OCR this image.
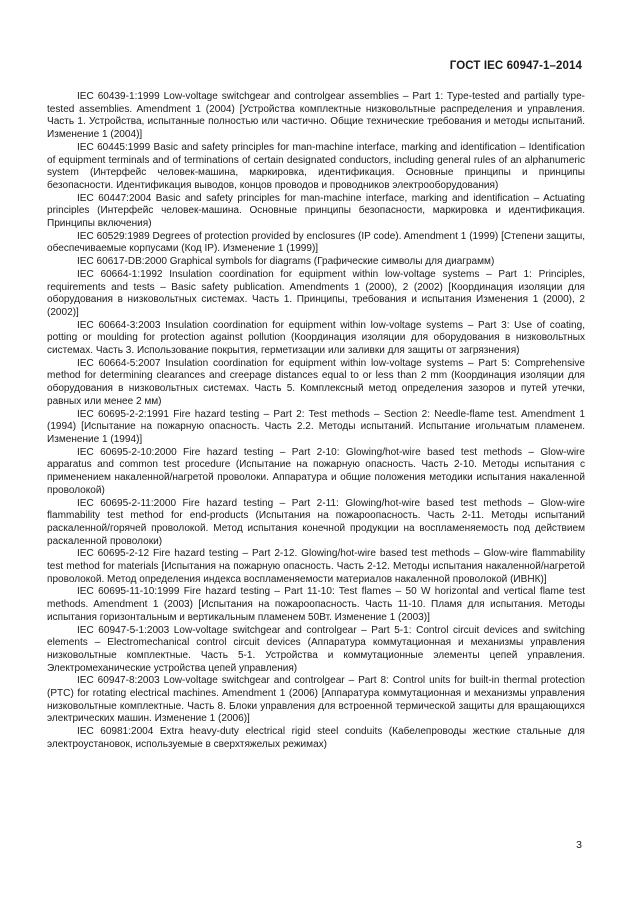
ГОСТ IEC 60947-1–2014

IEC 60439-1:1999 Low-voltage switchgear and controlgear assemblies – Part 1: Type-tested and partially type-tested assemblies. Amendment 1 (2004) [Устройства комплектные низковольтные распределения и управления. Часть 1. Устройства, испытанные полностью или частично. Общие технические требования и методы испытаний. Изменение 1 (2004)]

IEC 60445:1999 Basic and safety principles for man-machine interface, marking and identification – Identification of equipment terminals and of terminations of certain designated conductors, including general rules of an alphanumeric system (Интерфейс человек-машина, маркировка, идентификация. Основные принципы и принципы безопасности. Идентификация выводов, концов проводов и проводников электрооборудования)

IEC 60447:2004 Basic and safety principles for man-machine interface, marking and identification – Actuating principles (Интерфейс человек-машина. Основные принципы безопасности, маркировка и идентификация. Принципы включения)

IEC 60529:1989 Degrees of protection provided by enclosures (IP code). Amendment 1 (1999) [Степени защиты, обеспечиваемые корпусами (Код IP). Изменение 1 (1999)]

IEC 60617-DB:2000 Graphical symbols for diagrams (Графические символы для диаграмм)

IEC 60664-1:1992 Insulation coordination for equipment within low-voltage systems – Part 1: Principles, requirements and tests – Basic safety publication. Amendments 1 (2000), 2 (2002) [Координация изоляции для оборудования в низковольтных системах. Часть 1. Принципы, требования и испытания Изменения 1 (2000), 2 (2002)]

IEC 60664-3:2003 Insulation coordination for equipment within low-voltage systems – Part 3: Use of coating, potting or moulding for protection against pollution (Координация изоляции для оборудования в низковольтных системах. Часть 3. Использование покрытия, герметизации или заливки для защиты от загрязнения)

IEC 60664-5:2007 Insulation coordination for equipment within low-voltage systems – Part 5: Comprehensive method for determining clearances and creepage distances equal to or less than 2 mm (Координация изоляции для оборудования в низковольтных системах. Часть 5. Комплексный метод определения зазоров и путей утечки, равных или менее 2 мм)

IEC 60695-2-2:1991 Fire hazard testing – Part 2: Test methods – Section 2: Needle-flame test. Amendment 1 (1994) [Испытание на пожарную опасность. Часть 2.2. Методы испытаний. Испытание игольчатым пламенем. Изменение 1 (1994)]

IEC 60695-2-10:2000 Fire hazard testing – Part 2-10: Glowing/hot-wire based test methods – Glow-wire apparatus and common test procedure (Испытание на пожарную опасность. Часть 2-10. Методы испытания с применением накаленной/нагретой проволоки. Аппаратура и общие положения методики испытания накаленной проволокой)

IEC 60695-2-11:2000 Fire hazard testing – Part 2-11: Glowing/hot-wire based test methods – Glow-wire flammability test method for end-products (Испытания на пожароопасность. Часть 2-11. Методы испытаний раскаленной/горячей проволокой. Метод испытания конечной продукции на воспламеняемость под действием раскаленной проволоки)

IEC 60695-2-12 Fire hazard testing – Part 2-12. Glowing/hot-wire based test methods – Glow-wire flammability test method for materials [Испытания на пожарную опасность. Часть 2-12. Методы испытания накаленной/нагретой проволокой. Метод определения индекса воспламеняемости материалов накаленной проволокой (ИВНК)]

IEC 60695-11-10:1999 Fire hazard testing – Part 11-10: Test flames – 50 W horizontal and vertical flame test methods. Amendment 1 (2003) [Испытания на пожароопасность. Часть 11-10. Пламя для испытания. Методы испытания горизонтальным и вертикальным пламенем 50Вт. Изменение 1 (2003)]

IEC 60947-5-1:2003 Low-voltage switchgear and controlgear – Part 5-1: Control circuit devices and switching elements – Electromechanical control circuit devices (Аппаратура коммутационная и механизмы управления низковольтные комплектные. Часть 5-1. Устройства и коммутационные элементы цепей управления. Электромеханические устройства цепей управления)

IEC 60947-8:2003 Low-voltage switchgear and controlgear – Part 8: Control units for built-in thermal protection (PTC) for rotating electrical machines. Amendment 1 (2006) [Аппаратура коммутационная и механизмы управления низковольтные комплектные. Часть 8. Блоки управления для встроенной термической защиты для вращающихся электрических машин. Изменение 1 (2006)]

IEC 60981:2004 Extra heavy-duty electrical rigid steel conduits (Кабелепроводы жесткие стальные для электроустановок, используемые в сверхтяжелых режимах)

3
